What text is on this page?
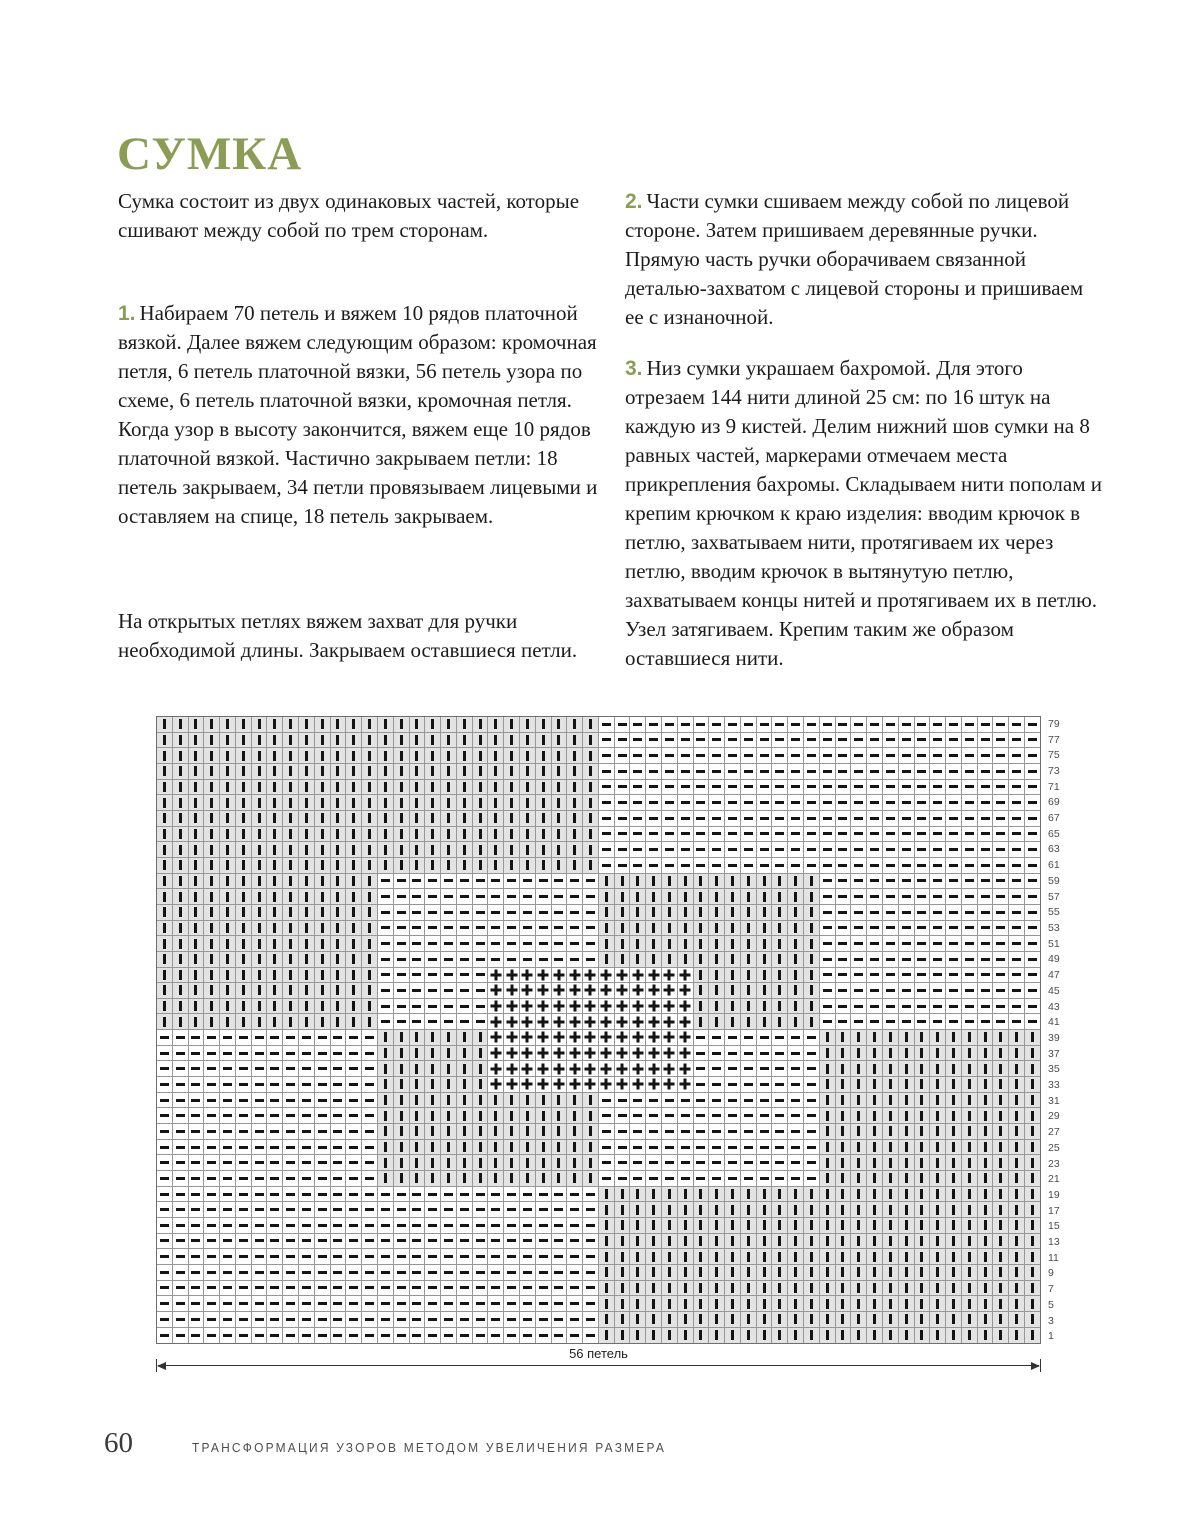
СУМКА

Сумка состоит из двух одинаковых частей, которые сшивают между собой по трем сторонам.

1. Набираем 70 петель и вяжем 10 рядов платочной вязкой. Далее вяжем следующим образом: кромочная петля, 6 петель платочной вязки, 56 петель узора по схеме, 6 петель платочной вязки, кромочная петля. Когда узор в высоту закончится, вяжем еще 10 рядов платочной вязкой. Частично закрываем петли: 18 петель закрываем, 34 петли провязываем лицевыми и оставляем на спице, 18 петель закрываем.

На открытых петлях вяжем захват для ручки необходимой длины. Закрываем оставшиеся петли.

2. Части сумки сшиваем между собой по лицевой стороне. Затем пришиваем деревянные ручки. Прямую часть ручки оборачиваем связанной деталью-захватом с лицевой стороны и пришиваем ее с изнаночной.

3. Низ сумки украшаем бахромой. Для этого отрезаем 144 нити длиной 25 см: по 16 штук на каждую из 9 кистей. Делим нижний шов сумки на 8 равных частей, маркерами отмечаем места прикрепления бахромы. Складываем нити пополам и крепим крючком к краю изделия: вводим крючок в петлю, захватываем нити, протягиваем их через петлю, вводим крючок в вытянутую петлю, захватываем концы нитей и протягиваем их в петлю. Узел затягиваем. Крепим таким же образом оставшиеся нити.

79
77
75
73
71
69
67
65
63
61
59
57
55
53
51
49
47
45
43
41
39
37
35
33
31
29
27
25
23
21
19
17
15
13
11
9
7
5
3
1
56 петель
60	ТРАНСФОРМАЦИЯ УЗОРОВ МЕТОДОМ УВЕЛИЧЕНИЯ РАЗМЕРА
